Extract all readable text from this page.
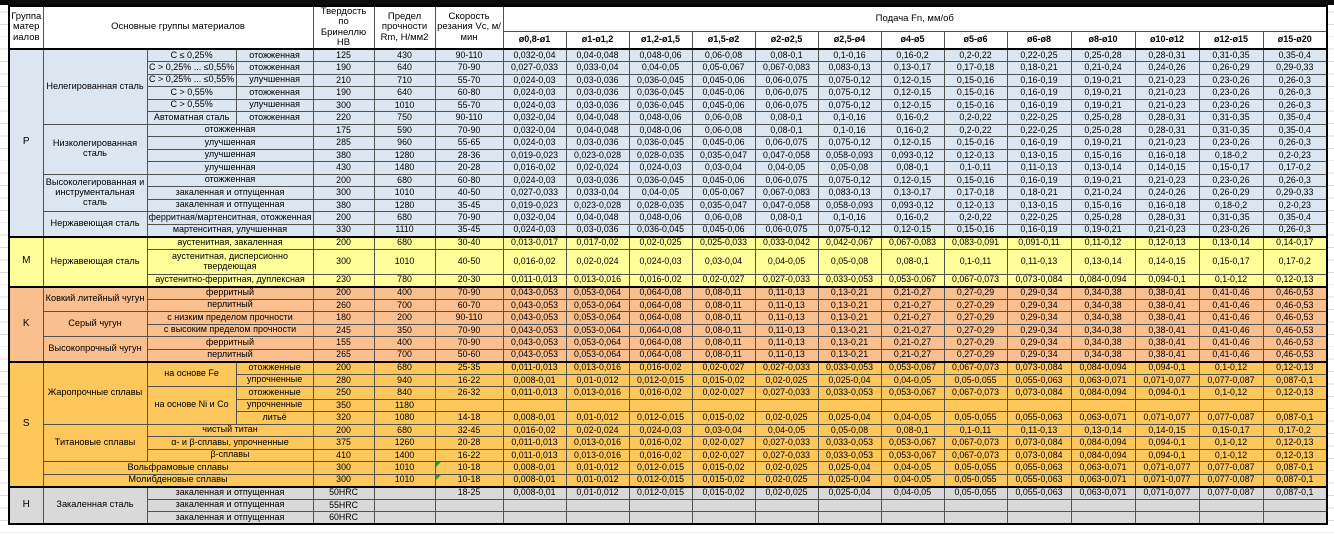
Группа матер иалов	Основные группы материалов			Твердость по Бринеллю HB	Предел прочности Rm, Н/мм2	Скорость резания Vc, м/мин	Подача Fn, мм/об												
							ø0,8-ø1	ø1-ø1,2	ø1,2-ø1,5	ø1,5-ø2	ø2-ø2,5	ø2,5-ø4	ø4-ø5	ø5-ø6	ø6-ø8	ø8-ø10	ø10-ø12	ø12-ø15	ø15-ø20
P	Нелегированная сталь	C ≤ 0,25%	отожженная	125	430	90-110	0,032-0,04	0,04-0,048	0,048-0,06	0,06-0,08	0,08-0,1	0,1-0,16	0,16-0,2	0,2-0,22	0,22-0,25	0,25-0,28	0,28-0,31	0,31-0,35	0,35-0,4
		C > 0,25% ... ≤0,55%	отожженная	190	640	70-90	0,027-0,033	0,033-0,04	0,04-0,05	0,05-0,067	0,067-0,083	0,083-0,13	0,13-0,17	0,17-0,18	0,18-0,21	0,21-0,24	0,24-0,26	0,26-0,29	0,29-0,33
		C > 0,25% ... ≤0,55%	улучшенная	210	710	55-70	0,024-0,03	0,03-0,036	0,036-0,045	0,045-0,06	0,06-0,075	0,075-0,12	0,12-0,15	0,15-0,16	0,16-0,19	0,19-0,21	0,21-0,23	0,23-0,26	0,26-0,3
		C > 0,55%	отожженная	190	640	60-80	0,024-0,03	0,03-0,036	0,036-0,045	0,045-0,06	0,06-0,075	0,075-0,12	0,12-0,15	0,15-0,16	0,16-0,19	0,19-0,21	0,21-0,23	0,23-0,26	0,26-0,3
		C > 0,55%	улучшенная	300	1010	55-70	0,024-0,03	0,03-0,036	0,036-0,045	0,045-0,06	0,06-0,075	0,075-0,12	0,12-0,15	0,15-0,16	0,16-0,19	0,19-0,21	0,21-0,23	0,23-0,26	0,26-0,3
		Автоматная сталь	отожженная	220	750	90-110	0,032-0,04	0,04-0,048	0,048-0,06	0,06-0,08	0,08-0,1	0,1-0,16	0,16-0,2	0,2-0,22	0,22-0,25	0,25-0,28	0,28-0,31	0,31-0,35	0,35-0,4
	Низколегированная сталь	отожженная		175	590	70-90	0,032-0,04	0,04-0,048	0,048-0,06	0,06-0,08	0,08-0,1	0,1-0,16	0,16-0,2	0,2-0,22	0,22-0,25	0,25-0,28	0,28-0,31	0,31-0,35	0,35-0,4
		улучшенная		285	960	55-65	0,024-0,03	0,03-0,036	0,036-0,045	0,045-0,06	0,06-0,075	0,075-0,12	0,12-0,15	0,15-0,16	0,16-0,19	0,19-0,21	0,21-0,23	0,23-0,26	0,26-0,3
		улучшенная		380	1280	28-36	0,019-0,023	0,023-0,028	0,028-0,035	0,035-0,047	0,047-0,058	0,058-0,093	0,093-0,12	0,12-0,13	0,13-0,15	0,15-0,16	0,16-0,18	0,18-0,2	0,2-0,23
		улучшенная		430	1480	20-28	0,016-0,02	0,02-0,024	0,024-0,03	0,03-0,04	0,04-0,05	0,05-0,08	0,08-0,1	0,1-0,11	0,11-0,13	0,13-0,14	0,14-0,15	0,15-0,17	0,17-0,2
	Высоколегированная и инструментальная сталь	отожженная		200	680	60-80	0,024-0,03	0,03-0,036	0,036-0,045	0,045-0,06	0,06-0,075	0,075-0,12	0,12-0,15	0,15-0,16	0,16-0,19	0,19-0,21	0,21-0,23	0,23-0,26	0,26-0,3
		закаленная и отпущенная		300	1010	40-50	0,027-0,033	0,033-0,04	0,04-0,05	0,05-0,067	0,067-0,083	0,083-0,13	0,13-0,17	0,17-0,18	0,18-0,21	0,21-0,24	0,24-0,26	0,26-0,29	0,29-0,33
		закаленная и отпущенная		380	1280	35-45	0,019-0,023	0,023-0,028	0,028-0,035	0,035-0,047	0,047-0,058	0,058-0,093	0,093-0,12	0,12-0,13	0,13-0,15	0,15-0,16	0,16-0,18	0,18-0,2	0,2-0,23
	Нержавеющая сталь	ферритная/мартенситная, отожженная		200	680	70-90	0,032-0,04	0,04-0,048	0,048-0,06	0,06-0,08	0,08-0,1	0,1-0,16	0,16-0,2	0,2-0,22	0,22-0,25	0,25-0,28	0,28-0,31	0,31-0,35	0,35-0,4
		мартенситная, улучшенная		330	1110	35-45	0,024-0,03	0,03-0,036	0,036-0,045	0,045-0,06	0,06-0,075	0,075-0,12	0,12-0,15	0,15-0,16	0,16-0,19	0,19-0,21	0,21-0,23	0,23-0,26	0,26-0,3
M	Нержавеющая сталь	аустенитная, закаленная		200	680	30-40	0,013-0,017	0,017-0,02	0,02-0,025	0,025-0,033	0,033-0,042	0,042-0,067	0,067-0,083	0,083-0,091	0,091-0,11	0,11-0,12	0,12-0,13	0,13-0,14	0,14-0,17
		аустенитная, дисперсионно твердеющая		300	1010	40-50	0,016-0,02	0,02-0,024	0,024-0,03	0,03-0,04	0,04-0,05	0,05-0,08	0,08-0,1	0,1-0,11	0,11-0,13	0,13-0,14	0,14-0,15	0,15-0,17	0,17-0,2
		аустенитно-ферритная, дуплексная		230	780	20-30	0,011-0,013	0,013-0,016	0,016-0,02	0,02-0,027	0,027-0,033	0,033-0,053	0,053-0,067	0,067-0,073	0,073-0,084	0,084-0,094	0,094-0,1	0,1-0,12	0,12-0,13
K	Ковкий литейный чугун	ферритный		200	400	70-90	0,043-0,053	0,053-0,064	0,064-0,08	0,08-0,11	0,11-0,13	0,13-0,21	0,21-0,27	0,27-0,29	0,29-0,34	0,34-0,38	0,38-0,41	0,41-0,46	0,46-0,53
		перлитный		260	700	60-70	0,043-0,053	0,053-0,064	0,064-0,08	0,08-0,11	0,11-0,13	0,13-0,21	0,21-0,27	0,27-0,29	0,29-0,34	0,34-0,38	0,38-0,41	0,41-0,46	0,46-0,53
	Серый чугун	с низким пределом прочности		180	200	90-110	0,043-0,053	0,053-0,064	0,064-0,08	0,08-0,11	0,11-0,13	0,13-0,21	0,21-0,27	0,27-0,29	0,29-0,34	0,34-0,38	0,38-0,41	0,41-0,46	0,46-0,53
		с высоким пределом прочности		245	350	70-90	0,043-0,053	0,053-0,064	0,064-0,08	0,08-0,11	0,11-0,13	0,13-0,21	0,21-0,27	0,27-0,29	0,29-0,34	0,34-0,38	0,38-0,41	0,41-0,46	0,46-0,53
	Высокопрочный чугун	ферритный		155	400	70-90	0,043-0,053	0,053-0,064	0,064-0,08	0,08-0,11	0,11-0,13	0,13-0,21	0,21-0,27	0,27-0,29	0,29-0,34	0,34-0,38	0,38-0,41	0,41-0,46	0,46-0,53
		перлитный		265	700	50-60	0,043-0,053	0,053-0,064	0,064-0,08	0,08-0,11	0,11-0,13	0,13-0,21	0,21-0,27	0,27-0,29	0,29-0,34	0,34-0,38	0,38-0,41	0,41-0,46	0,46-0,53
S	Жаропрочные сплавы	на основе Fe	отожженные	200	680	25-35	0,011-0,013	0,013-0,016	0,016-0,02	0,02-0,027	0,027-0,033	0,033-0,053	0,053-0,067	0,067-0,073	0,073-0,084	0,084-0,094	0,094-0,1	0,1-0,12	0,12-0,13
			упрочненные	280	940	16-22	0,008-0,01	0,01-0,012	0,012-0,015	0,015-0,02	0,02-0,025	0,025-0,04	0,04-0,05	0,05-0,055	0,055-0,063	0,063-0,071	0,071-0,077	0,077-0,087	0,087-0,1
		на основе Ni и Co	отожженные	250	840	26-32	0,011-0,013	0,013-0,016	0,016-0,02	0,02-0,027	0,027-0,033	0,033-0,053	0,053-0,067	0,067-0,073	0,073-0,084	0,084-0,094	0,094-0,1	0,1-0,12	0,12-0,13
			упрочненные	350	1180														
			литьё	320	1080	14-18	0,008-0,01	0,01-0,012	0,012-0,015	0,015-0,02	0,02-0,025	0,025-0,04	0,04-0,05	0,05-0,055	0,055-0,063	0,063-0,071	0,071-0,077	0,077-0,087	0,087-0,1
	Титановые сплавы	чистый титан		200	680	32-45	0,016-0,02	0,02-0,024	0,024-0,03	0,03-0,04	0,04-0,05	0,05-0,08	0,08-0,1	0,1-0,11	0,11-0,13	0,13-0,14	0,14-0,15	0,15-0,17	0,17-0,2
		α- и β-сплавы, упрочненные		375	1260	20-28	0,011-0,013	0,013-0,016	0,016-0,02	0,02-0,027	0,027-0,033	0,033-0,053	0,053-0,067	0,067-0,073	0,073-0,084	0,084-0,094	0,094-0,1	0,1-0,12	0,12-0,13
		β-сплавы		410	1400	16-22	0,011-0,013	0,013-0,016	0,016-0,02	0,02-0,027	0,027-0,033	0,033-0,053	0,053-0,067	0,067-0,073	0,073-0,084	0,084-0,094	0,094-0,1	0,1-0,12	0,12-0,13
	Вольфрамовые сплавы			300	1010	10-18	0,008-0,01	0,01-0,012	0,012-0,015	0,015-0,02	0,02-0,025	0,025-0,04	0,04-0,05	0,05-0,055	0,055-0,063	0,063-0,071	0,071-0,077	0,077-0,087	0,087-0,1
	Молибденовые сплавы			300	1010	10-18	0,008-0,01	0,01-0,012	0,012-0,015	0,015-0,02	0,02-0,025	0,025-0,04	0,04-0,05	0,05-0,055	0,055-0,063	0,063-0,071	0,071-0,077	0,077-0,087	0,087-0,1
H	Закаленная сталь	закаленная и отпущенная		50HRC		18-25	0,008-0,01	0,01-0,012	0,012-0,015	0,015-0,02	0,02-0,025	0,025-0,04	0,04-0,05	0,05-0,055	0,055-0,063	0,063-0,071	0,071-0,077	0,077-0,087	0,087-0,1
		закаленная и отпущенная		55HRC															
		закаленная и отпущенная		60HRC															
